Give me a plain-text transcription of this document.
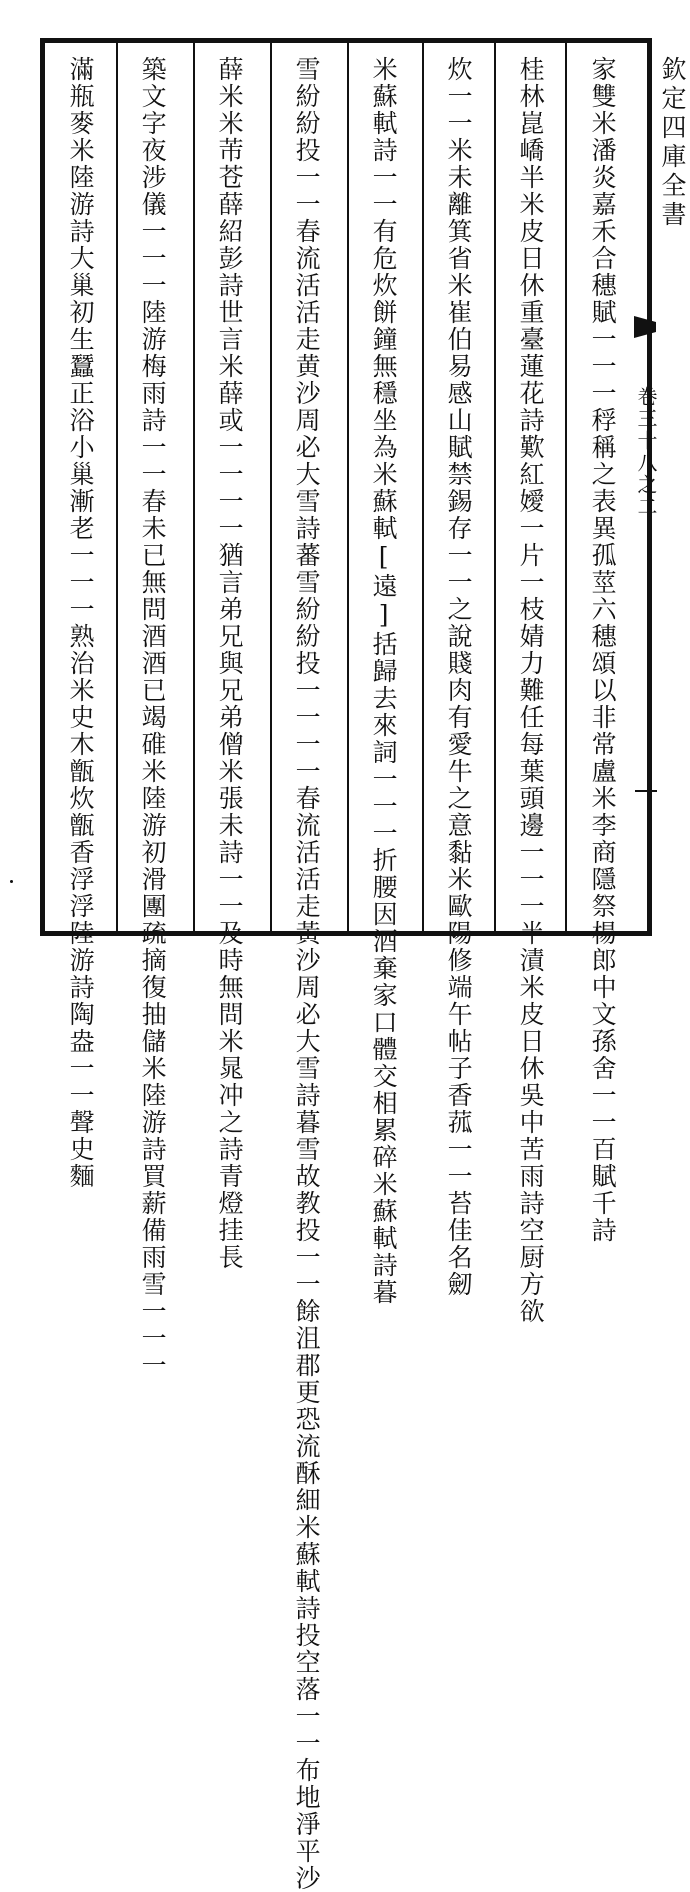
家雙米潘炎嘉禾合穗賦一一一稃稱之表異孤莖六穗頌以非常盧米李商隱祭楊郎中文孫舍一一百賦千詩
桂林崑嶠半米皮日休重臺蓮花詩歎紅嬡一片一枝婧力難任每葉頭邊一一一半漬米皮日休吳中苦雨詩空厨方欲
炊一一米未離箕省米崔伯易感山賦禁錫存一一之說賤肉有愛牛之意黏米歐陽修端午帖子香菰一一苔佳名劒
米蘇軾詩一一有危炊餅鐘無穩坐為米蘇軾[遠]括歸去來詞一一一折腰因酒棄家口體交相累碎米蘇軾詩暮
雪紛紛投一一春流活活走黄沙周必大雪詩蕃雪紛紛投一一一一春流活活走黃沙周必大雪詩暮雪故教投一一餘沮郡更恐流酥細米蘇軾詩投空落一一布地淨平沙
薛米米芾苍薛紹彭詩世言米薛或一一一一猶言弟兄與兄弟僧米張未詩一一及時無問米晁冲之詩青燈挂長
築文字夜涉儀一一一陸游梅雨詩一一春未已無問酒酒已竭碓米陸游初滑團疏摘復抽儲米陸游詩買薪備雨雪一一一
滿瓶麥米陸游詩大巢初生蠶正浴小巢漸老一一一熟治米史木甑炊甑香浮浮陸游詩陶盎一一聲史麵	欽定四庫全書
卷三十八之二
